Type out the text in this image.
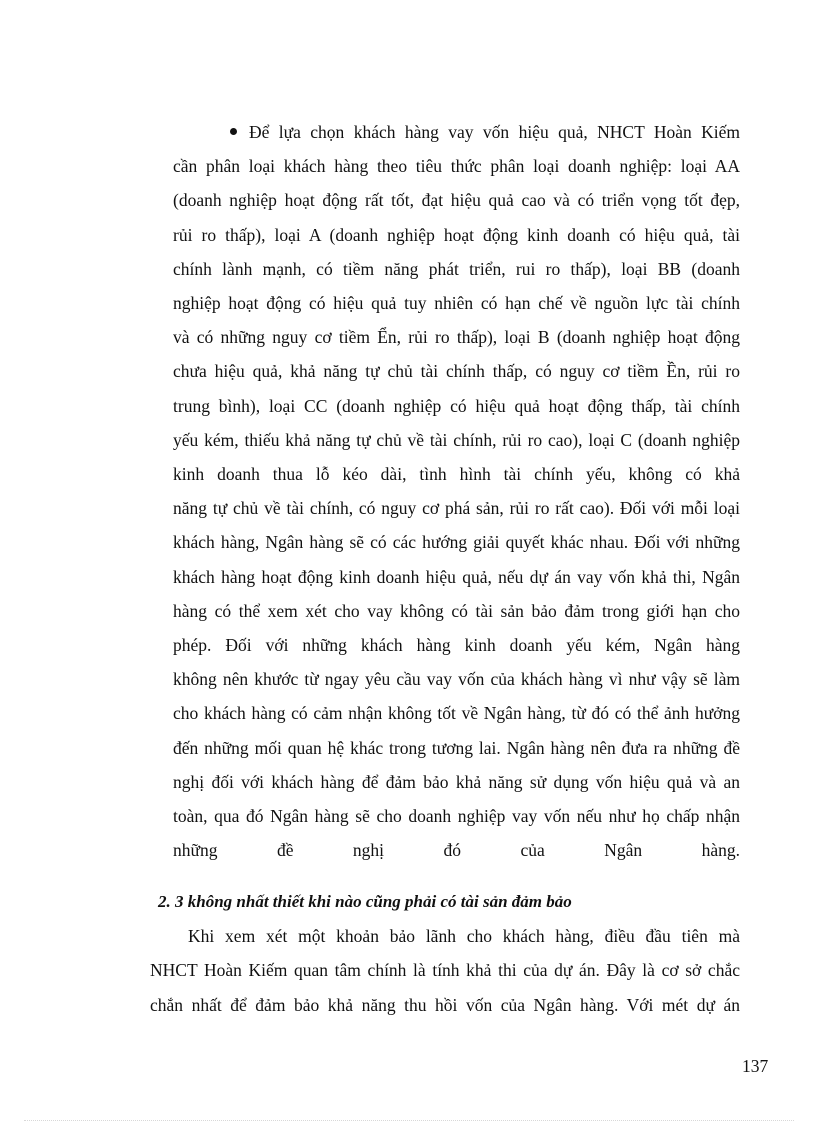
Để lựa chọn khách hàng vay vốn hiệu quả, NHCT Hoàn Kiếm
cần phân loại khách hàng theo tiêu thức phân loại doanh nghiệp: loại AA
(doanh nghiệp hoạt động rất tốt, đạt hiệu quả cao và có triển vọng tốt đẹp,
rủi ro thấp), loại A (doanh nghiệp hoạt động kinh doanh có hiệu quả, tài
chính lành mạnh, có tiềm năng phát triển, rui ro thấp), loại BB (doanh
nghiệp hoạt động có hiệu quả tuy nhiên có hạn chế về nguồn lực tài chính
và có những nguy cơ tiềm Ển, rủi ro thấp), loại B (doanh nghiệp hoạt động
chưa hiệu quả, khả năng tự chủ tài chính thấp, có nguy cơ tiềm Ền, rủi ro
trung bình), loại CC (doanh nghiệp có hiệu quả hoạt động thấp, tài chính
yếu kém, thiếu khả năng tự chủ về tài chính, rủi ro cao), loại C (doanh nghiệp
kinh doanh thua lỗ kéo dài, tình hình tài chính yếu, không có khả
năng tự chủ về tài chính, có nguy cơ phá sản, rủi ro rất cao). Đối với mỗi loại
khách hàng, Ngân hàng sẽ có các hướng giải quyết khác nhau. Đối với những
khách hàng hoạt động kinh doanh hiệu quả, nếu dự án vay vốn khả thi, Ngân
hàng có thể xem xét cho vay không có tài sản bảo đảm trong giới hạn cho
phép. Đối với những khách hàng kinh doanh yếu kém, Ngân hàng
không nên khước từ ngay yêu cầu vay vốn của khách hàng vì như vậy sẽ làm
cho khách hàng có cảm nhận không tốt về Ngân hàng, từ đó có thể ảnh hưởng
đến những mối quan hệ khác trong tương lai. Ngân hàng nên đưa ra những đề
nghị đối với khách hàng để đảm bảo khả năng sử dụng vốn hiệu quả và an
toàn, qua đó Ngân hàng sẽ cho doanh nghiệp vay vốn nếu như họ chấp nhận
những đề nghị đó của Ngân hàng.
2. 3 không nhất thiết khi nào cũng phải có tài sản đảm bảo
Khi xem xét một khoản bảo lãnh cho khách hàng, điều đầu tiên mà
NHCT Hoàn Kiếm quan tâm chính là tính khả thi của dự án. Đây là cơ sở chắc
chắn nhất để đảm bảo khả năng thu hồi vốn của Ngân hàng. Với mét dự án
137
